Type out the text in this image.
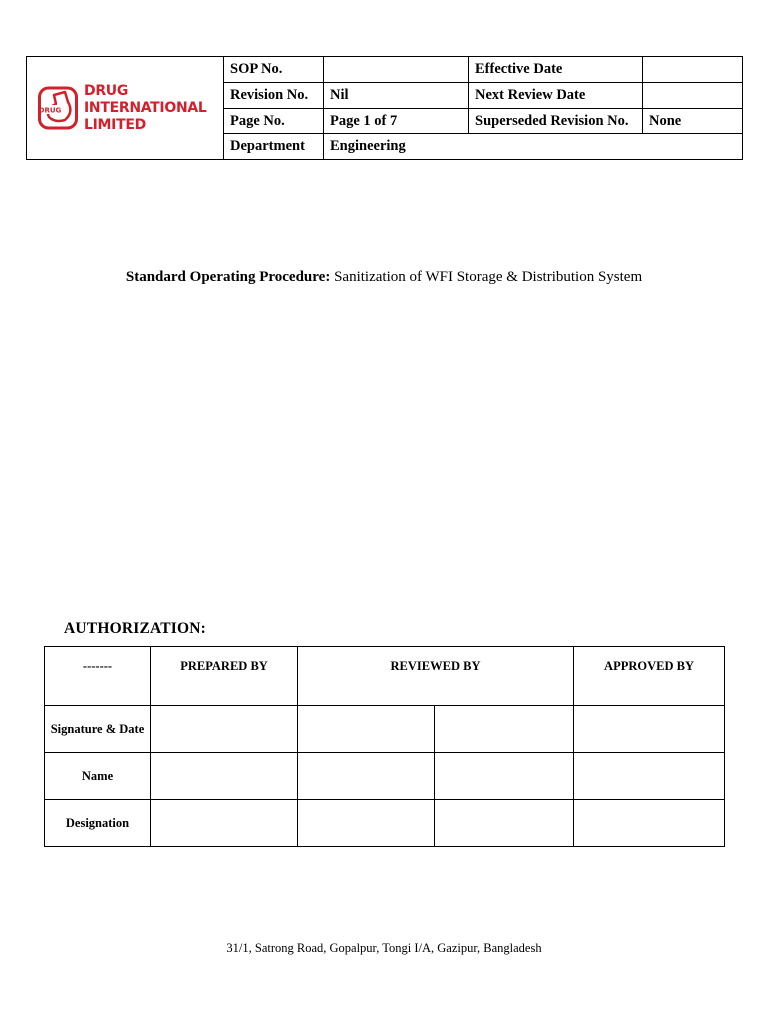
DRUG
DRUG
INTERNATIONAL
LIMITED	SOP No.		Effective Date	
	Revision No.	Nil	Next Review Date	
	Page No.	Page 1 of 7	Superseded Revision No.	None
	Department	Engineering		
Standard Operating Procedure: Sanitization of WFI Storage & Distribution System
AUTHORIZATION:
-------	PREPARED BY	REVIEWED BY		APPROVED BY
Signature & Date				
Name				
Designation				
31/1, Satrong Road, Gopalpur, Tongi I/A, Gazipur, Bangladesh
